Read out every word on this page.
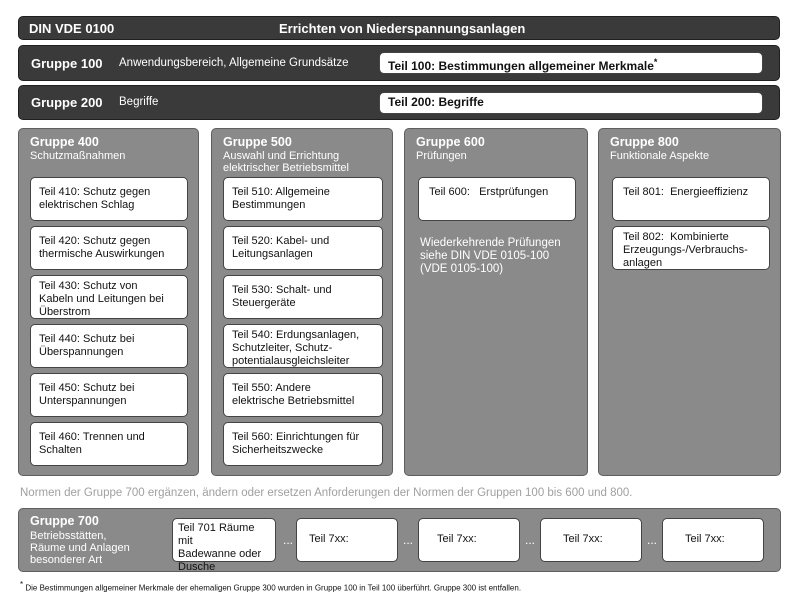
DIN VDE 0100	Errichten von Niederspannungsanlagen
Gruppe 100 Anwendungsbereich, Allgemeine Grundsätze	Teil 100: Bestimmungen allgemeiner Merkmale*
Gruppe 200 Begriffe	Teil 200: Begriffe
Gruppe 400
Schutzmaßnahmen
Teil 410: Schutz gegen
elektrischen Schlag
Teil 420: Schutz gegen
thermische Auswirkungen
Teil 430: Schutz von
Kabeln und Leitungen bei
Überstrom
Teil 440: Schutz bei
Überspannungen
Teil 450: Schutz bei
Unterspannungen
Teil 460: Trennen und
Schalten
Gruppe 500
Auswahl und Errichtung
elektrischer Betriebsmittel
Teil 510: Allgemeine
Bestimmungen
Teil 520: Kabel- und
Leitungsanlagen
Teil 530: Schalt- und
Steuergeräte
Teil 540: Erdungsanlagen,
Schutzleiter, Schutz-
potentialausgleichsleiter
Teil 550: Andere
elektrische Betriebsmittel
Teil 560: Einrichtungen für
Sicherheitszwecke
Gruppe 600
Prüfungen
Teil 600:   Erstprüfungen
Wiederkehrende Prüfungen
siehe DIN VDE 0105-100
(VDE 0105-100)
Gruppe 800
Funktionale Aspekte
Teil 801:  Energieeffizienz
Teil 802:  Kombinierte
Erzeugungs-/Verbrauchs-
anlagen
Normen der Gruppe 700 ergänzen, ändern oder ersetzen Anforderungen der Normen der Gruppen 100 bis 600 und 800.
Gruppe 700
Betriebsstätten,
Räume und Anlagen
besonderer Art
Teil 701 Räume mit
Badewanne oder
Dusche
... Teil 7xx:	... Teil 7xx:	...	Teil 7xx:	...	Teil 7xx:
* Die Bestimmungen allgemeiner Merkmale der ehemaligen Gruppe 300 wurden in Gruppe 100 in Teil 100 überführt. Gruppe 300 ist entfallen.
